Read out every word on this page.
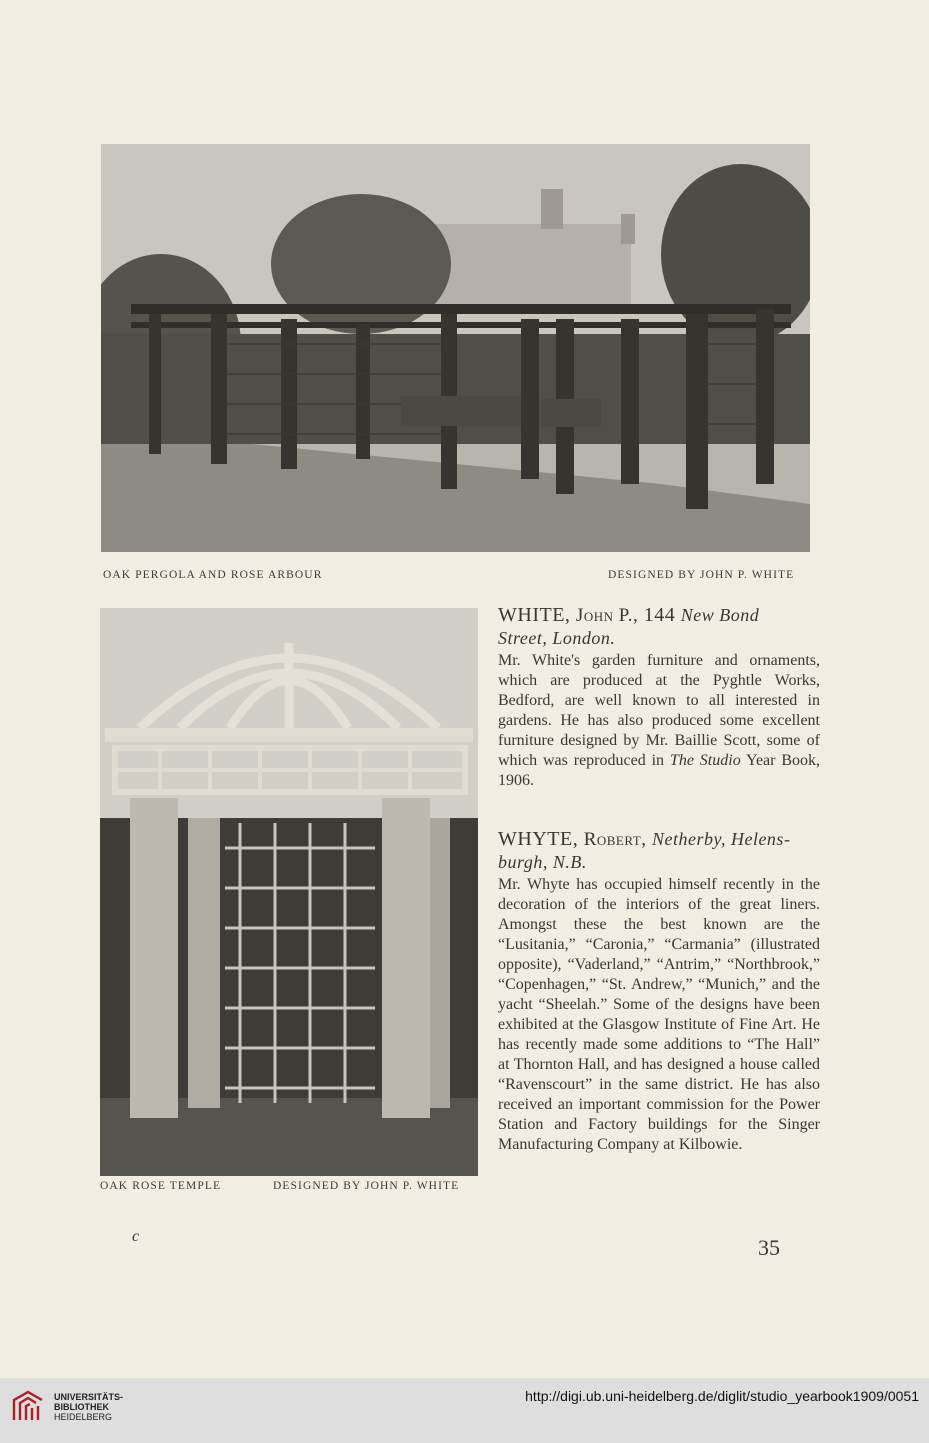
OAK PERGOLA AND ROSE ARBOUR	DESIGNED BY JOHN P. WHITE
OAK ROSE TEMPLE	DESIGNED BY JOHN P. WHITE
WHITE, John P., 144 New Bond
Street, London.
Mr. White's garden furniture and ornaments, which are produced at the Pyghtle Works, Bedford, are well known to all interested in gardens. He has also produced some excellent furniture designed by Mr. Baillie Scott, some of which was reproduced in The Studio Year Book, 1906.
WHYTE, Robert, Netherby, Helens-
burgh, N.B.
Mr. Whyte has occupied himself recently in the decoration of the interiors of the great liners. Amongst these the best known are the “Lusitania,” “Caronia,” “Carmania” (illustrated opposite), “Vaderland,” “Antrim,” “Northbrook,” “Copenhagen,” “St. Andrew,” “Munich,” and the yacht “Sheelah.” Some of the designs have been exhibited at the Glasgow Institute of Fine Art. He has recently made some additions to “The Hall” at Thornton Hall, and has designed a house called “Ravenscourt” in the same district. He has also received an important commission for the Power Station and Factory buildings for the Singer Manufacturing Company at Kilbowie.
c	35
UNIVERSITÄTS-
BIBLIOTHEK
HEIDELBERG
http://digi.ub.uni-heidelberg.de/diglit/studio_yearbook1909/0051
